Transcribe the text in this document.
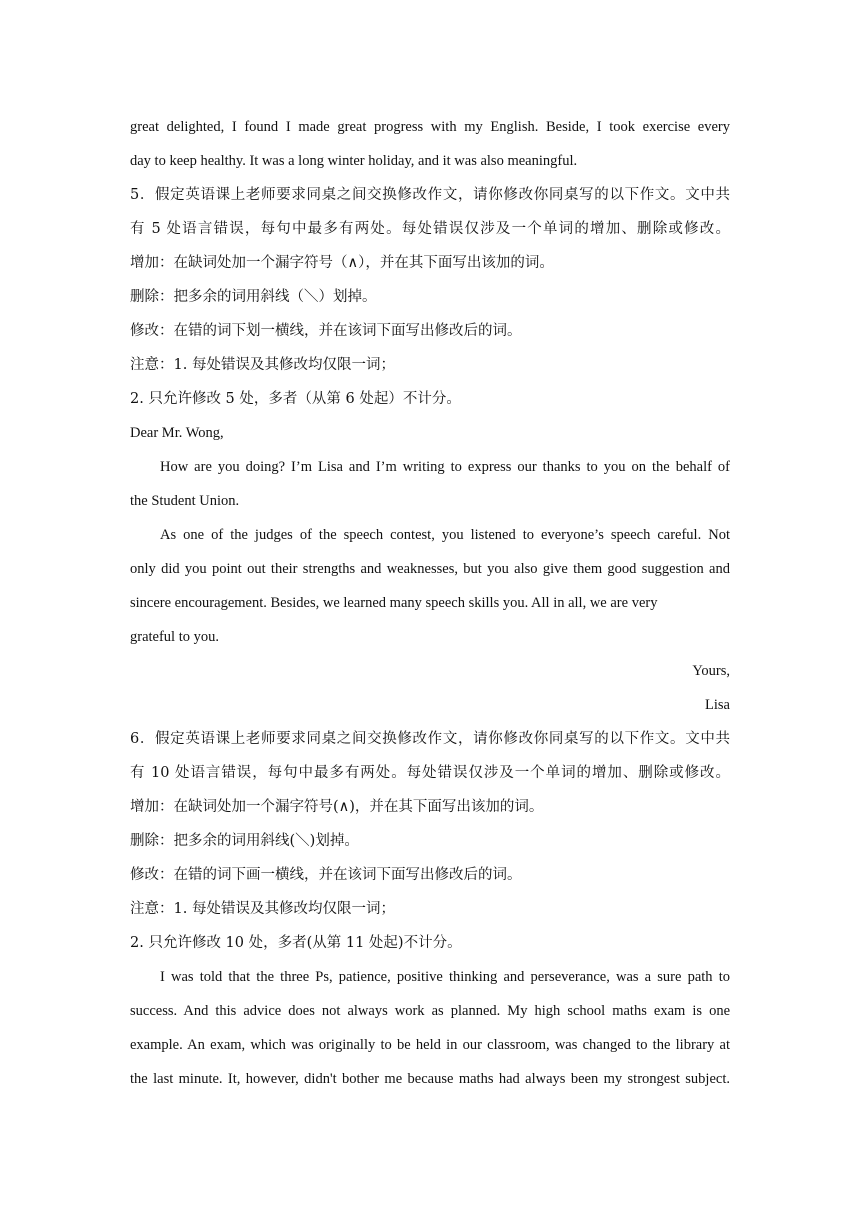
great delighted, I found I made great progress with my English. Beside, I took exercise every
day to keep healthy. It was a long winter holiday, and it was also meaningful.
5．假定英语课上老师要求同桌之间交换修改作文，请你修改你同桌写的以下作文。文中共
有 5 处语言错误，每句中最多有两处。每处错误仅涉及一个单词的增加、删除或修改。
增加：在缺词处加一个漏字符号（∧），并在其下面写出该加的词。
删除：把多余的词用斜线（＼）划掉。
修改：在错的词下划一横线，并在该词下面写出修改后的词。
注意：1. 每处错误及其修改均仅限一词；
2. 只允许修改 5 处，多者（从第 6 处起）不计分。
Dear Mr. Wong,
How are you doing? I’m Lisa and I’m writing to express our thanks to you on the behalf of
the Student Union.
As one of the judges of the speech contest, you listened to everyone’s speech careful. Not
only did you point out their strengths and weaknesses, but you also give them good suggestion and
sincere encouragement. Besides, we learned many speech skills you. All in all, we are very
grateful to you.
Yours,
Lisa
6．假定英语课上老师要求同桌之间交换修改作文，请你修改你同桌写的以下作文。文中共
有 10 处语言错误，每句中最多有两处。每处错误仅涉及一个单词的增加、删除或修改。
增加：在缺词处加一个漏字符号(∧)，并在其下面写出该加的词。
删除：把多余的词用斜线(＼)划掉。
修改：在错的词下画一横线，并在该词下面写出修改后的词。
注意：1. 每处错误及其修改均仅限一词；
2. 只允许修改 10 处，多者(从第 11 处起)不计分。
I was told that the three Ps, patience, positive thinking and perseverance, was a sure path to
success. And this advice does not always work as planned. My high school maths exam is one
example. An exam, which was originally to be held in our classroom, was changed to the library at
the last minute. It, however, didn't bother me because maths had always been my strongest subject.
